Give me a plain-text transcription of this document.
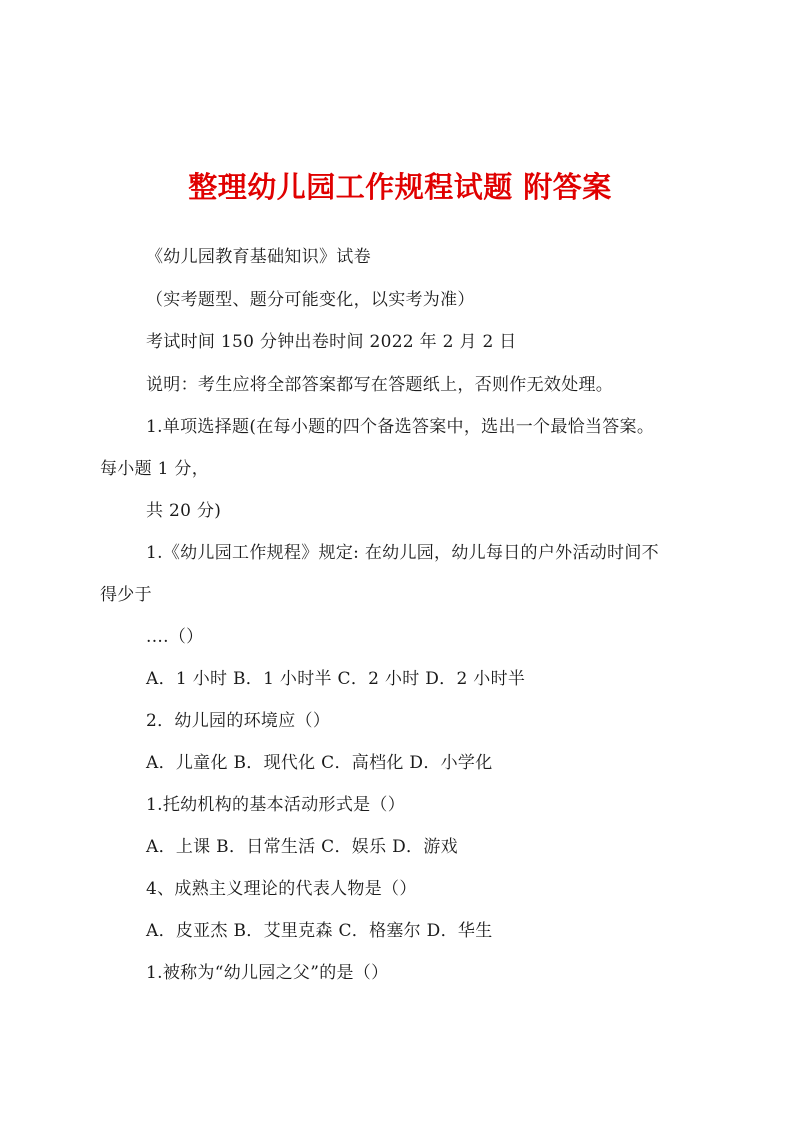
整理幼儿园工作规程试题 附答案
《幼儿园教育基础知识》试卷
（实考题型、题分可能变化，以实考为准）
考试时间 150 分钟出卷时间 2022 年 2 月 2 日
说明：考生应将全部答案都写在答题纸上，否则作无效处理。
1.单项选择题(在每小题的四个备选答案中，选出一个最恰当答案。
每小题 1 分，
共 20 分)
1.《幼儿园工作规程》规定: 在幼儿园，幼儿每日的户外活动时间不
得少于
....（）
A．1 小时 B．1 小时半 C．2 小时 D．2 小时半
2．幼儿园的环境应（）
A．儿童化 B．现代化 C．高档化 D．小学化
1.托幼机构的基本活动形式是（）
A．上课 B．日常生活 C．娱乐 D．游戏
4、成熟主义理论的代表人物是（）
A．皮亚杰 B．艾里克森 C．格塞尔 D．华生
1.被称为“幼儿园之父”的是（）
